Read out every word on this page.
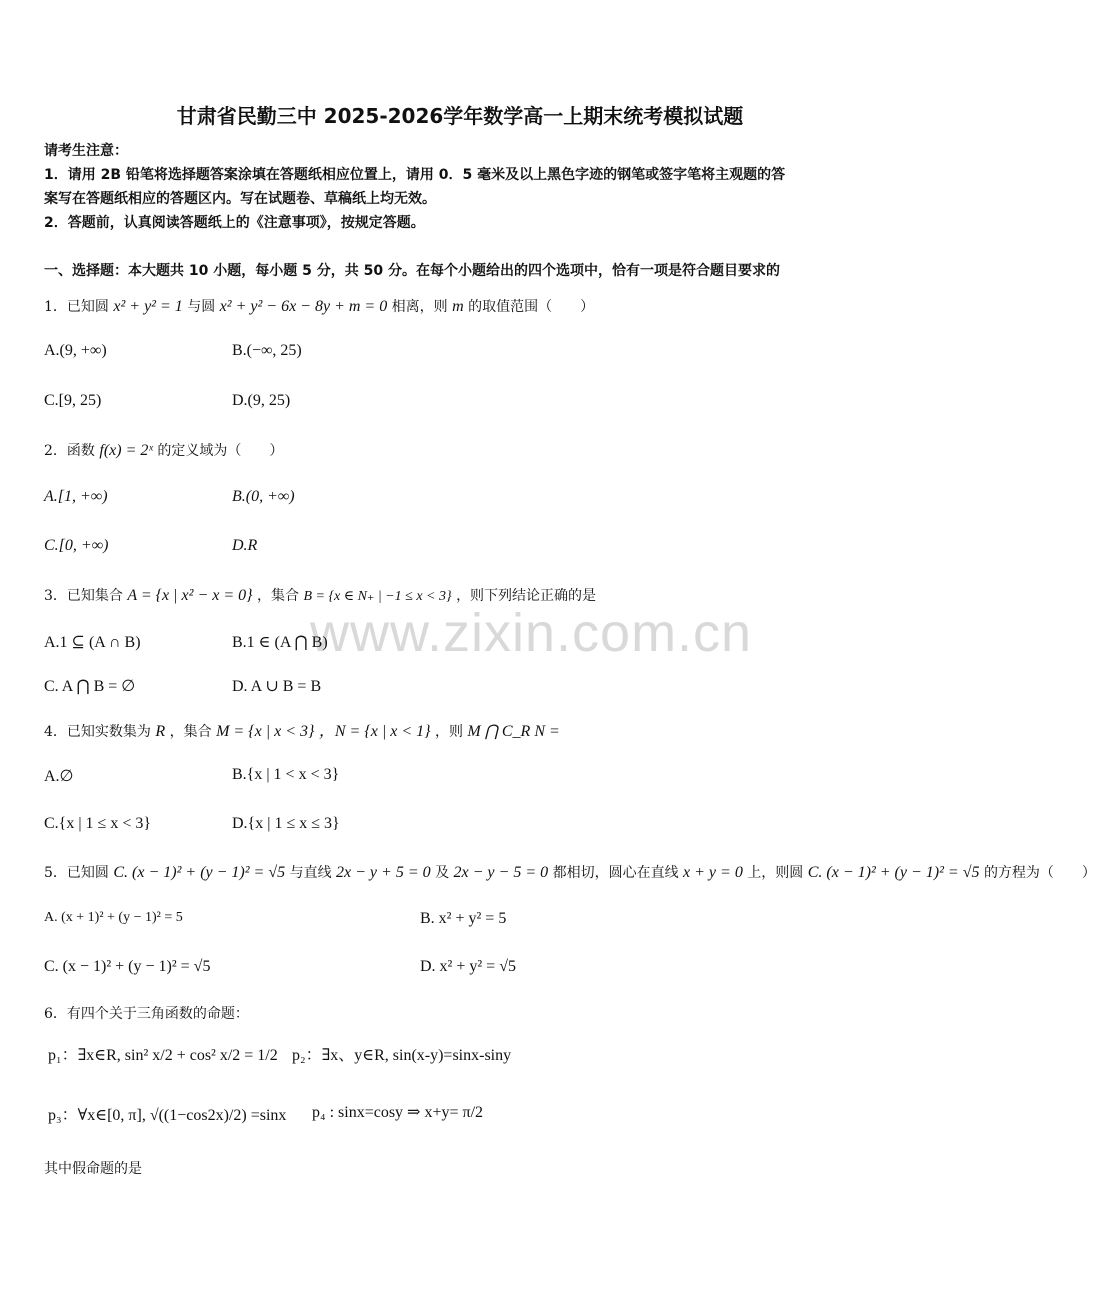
www.zixin.com.cn
甘肃省民勤三中 2025-2026学年数学高一上期末统考模拟试题
请考生注意：
1．请用 2B 铅笔将选择题答案涂填在答题纸相应位置上，请用 0．5 毫米及以上黑色字迹的钢笔或签字笔将主观题的答
案写在答题纸相应的答题区内。写在试题卷、草稿纸上均无效。
2．答题前，认真阅读答题纸上的《注意事项》，按规定答题。
一、选择题：本大题共 10 小题，每小题 5 分，共 50 分。在每个小题给出的四个选项中，恰有一项是符合题目要求的
1．已知圆 x² + y² = 1 与圆 x² + y² − 6x − 8y + m = 0 相离，则 m 的取值范围（　　）
A.(9, +∞)	B.(−∞, 25)
C.[9, 25)	D.(9, 25)
2．函数 f(x) = 2ˣ 的定义域为（　　）
A.[1, +∞)	B.(0, +∞)
C.[0, +∞)	D.R
3．已知集合 A = {x | x² − x = 0} ，集合 B = {x ∈ N₊ | −1 ≤ x < 3} ，则下列结论正确的是
A.1 ⊆ (A ∩ B)	B.1 ∈ (A ⋂ B)
C. A ⋂ B = ∅	D. A ∪ B = B
4．已知实数集为 R ，集合 M = {x | x < 3} ，N = {x | x < 1} ，则 M ⋂ C_R N =
A.∅	B.{x | 1 < x < 3}
C.{x | 1 ≤ x < 3}	D.{x | 1 ≤ x ≤ 3}
5．已知圆 C. (x − 1)² + (y − 1)² = √5 与直线 2x − y + 5 = 0 及 2x − y − 5 = 0 都相切，圆心在直线 x + y = 0 上，则圆 C. (x − 1)² + (y − 1)² = √5 的方程为（　　）
A. (x + 1)² + (y − 1)² = 5	B. x² + y² = 5
C. (x − 1)² + (y − 1)² = √5	D. x² + y² = √5
6．有四个关于三角函数的命题：
p₁：∃x∈R, sin² x/2 + cos² x/2 = 1/2 p₂：∃x、y∈R, sin(x-y)=sinx-siny
p₃：∀x∈[0, π], √((1−cos2x)/2) =sinx p₄ : sinx=cosy ⇒ x+y= π/2
其中假命题的是
